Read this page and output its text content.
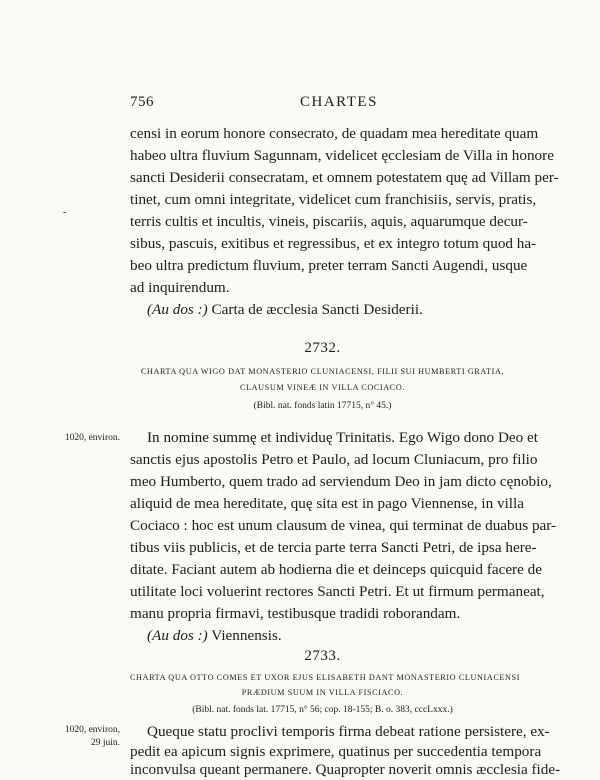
756	CHARTES
censi in eorum honore consecrato, de quadam mea hereditate quam
habeo ultra fluvium Sagunnam, videlicet ęcclesiam de Villa in honore
sancti Desiderii consecratam, et omnem potestatem quę ad Villam per-
tinet, cum omni integritate, videlicet cum franchisiis, servis, pratis,
terris cultis et incultis, vineis, piscariis, aquis, aquarumque decur-
sibus, pascuis, exitibus et regressibus, et ex integro totum quod ha-
beo ultra predictum fluvium, preter terram Sancti Augendi, usque
ad inquirendum.
(Au dos :) Carta de æcclesia Sancti Desiderii.
-
2732.
CHARTA QUA WIGO DAT MONASTERIO CLUNIACENSI, FILII SUI HUMBERTI GRATIA,
CLAUSUM VINEÆ IN VILLA COCIACO.
(Bibl. nat. fonds latin 17715, n° 45.)
1020, environ. In nomine summę et individuę Trinitatis. Ego Wigo dono Deo et
sanctis ejus apostolis Petro et Paulo, ad locum Cluniacum, pro filio
meo Humberto, quem trado ad serviendum Deo in jam dicto cęnobio,
aliquid de mea hereditate, quę sita est in pago Viennense, in villa
Cociaco : hoc est unum clausum de vinea, qui terminat de duabus par-
tibus viis publicis, et de tercia parte terra Sancti Petri, de ipsa here-
ditate. Faciant autem ab hodierna die et deinceps quicquid facere de
utilitate loci voluerint rectores Sancti Petri. Et ut firmum permaneat,
manu propria firmavi, testibusque tradidi roborandam.
(Au dos :) Viennensis.
2733.
CHARTA QUA OTTO COMES ET UXOR EJUS ELISABETH DANT MONASTERIO CLUNIACENSI
PRÆDIUM SUUM IN VILLA FISCIACO.
(Bibl. nat. fonds lat. 17715, n° 56; cop. 18-155; B. o. 383, cccLxxx.)
1020, environ,
29 juin.
Queque statu proclivi temporis firma debeat ratione persistere, ex-
pedit ea apicum signis exprimere, quatinus per succedentia tempora
inconvulsa queant permanere. Quapropter noverit omnis æcclesia fide-
